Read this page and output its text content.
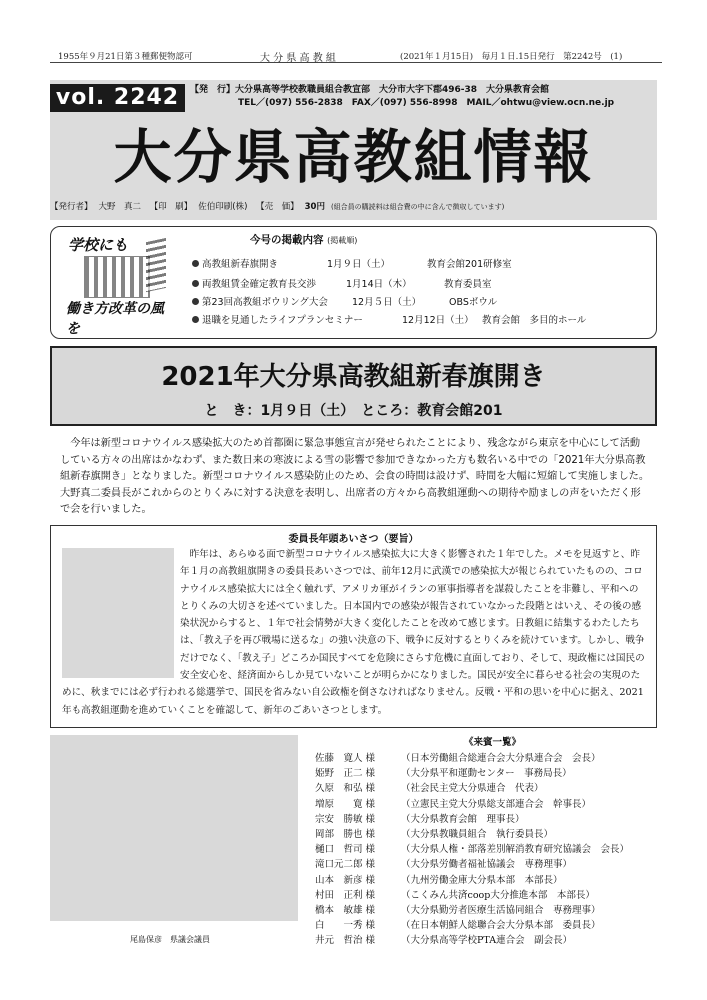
1955年９月21日第３種郵便物認可	大 分 県 高 教 組	(2021年１月15日)　毎月１日.15日発行　第2242号　(1)
vol. 2242	【発　行】大分県高等学校教職員組合教宣部　大分市大字下郡496-38　大分県教育会館
TEL／(097) 556-2838　FAX／(097) 556-8998　MAIL／ohtwu@view.ocn.ne.jp
大分県高教組情報
【発行者】 大野　真二 【印　刷】 佐伯印刷(株) 【売　価】 30円 (組合員の購読料は組合費の中に含んで徴収しています)
学校にも
働き方改革の風を
今号の掲載内容 (掲載順)
高教組新春旗開き	1月９日（土）	教育会館201研修室
両教組賃金確定教育長交渉	1月14日（木）	教育委員室
第23回高教組ボウリング大会	12月５日（土）	OBSボウル
退職を見通したライフプランセミナー	12月12日（土） 教育会館　多目的ホール
2021年大分県高教組新春旗開き
と　き：1月９日（土）　ところ：教育会館201
今年は新型コロナウイルス感染拡大のため首都圏に緊急事態宣言が発せられたことにより、残念ながら東京を中心にして活動している方々の出席はかなわず、また数日来の寒波による雪の影響で参加できなかった方も数名いる中での「2021年大分県高教組新春旗開き」となりました。新型コロナウイルス感染防止のため、会食の時間は設けず、時間を大幅に短縮して実施しました。大野真二委員長がこれからのとりくみに対する決意を表明し、出席者の方々から高教組運動への期待や励ましの声をいただく形で会を行いました。
委員長年頭あいさつ（要旨）

昨年は、あらゆる面で新型コロナウイルス感染拡大に大きく影響された１年でした。メモを見返すと、昨年１月の高教組旗開きの委員長あいさつでは、前年12月に武漢での感染拡大が報じられていたものの、コロナウイルス感染拡大には全く触れず、アメリカ軍がイランの軍事指導者を謀殺したことを非難し、平和へのとりくみの大切さを述べていました。日本国内での感染が報告されていなかった段階とはいえ、その後の感染状況からすると、１年で社会情勢が大きく変化したことを改めて感じます。日教組に結集するわたしたちは、「教え子を再び戦場に送るな」の強い決意の下、戦争に反対するとりくみを続けています。しかし、戦争だけでなく、「教え子」どころか国民すべてを危険にさらす危機に直面しており、そして、現政権には国民の安全安心を、経済面からしか見ていないことが明らかになりました。国民が安全に暮らせる社会の実現のために、秋までには必ず行われる総選挙で、国民を省みない自公政権を倒さなければなりません。反戦・平和の思いを中心に据え、2021年も高教組運動を進めていくことを確認して、新年のごあいさつとします。

尾島保彦　県議会議員
《来賓一覧》
佐藤　寛人 様	（日本労働組合総連合会大分県連合会　会長）
姫野　正二 様	（大分県平和運動センター　事務局長）
久原　和弘 様	（社会民主党大分県連合　代表）
増原　　寛 様	（立憲民主党大分県総支部連合会　幹事長）
宗安　勝敏 様	（大分県教育会館　理事長）
岡部　勝也 様	（大分県教職員組合　執行委員長）
樋口　哲司 様	（大分県人権・部落差別解消教育研究協議会　会長）
滝口元二郎 様	（大分県労働者福祉協議会　専務理事）
山本　新彦 様	（九州労働金庫大分県本部　本部長）
村田　正利 様	（こくみん共済coop大分推進本部　本部長）
橋本　敏雄 様	（大分県勤労者医療生活協同組合　専務理事）
白　　一秀 様	（在日本朝鮮人総聯合会大分県本部　委員長）
井元　哲治 様	（大分県高等学校PTA連合会　副会長）
